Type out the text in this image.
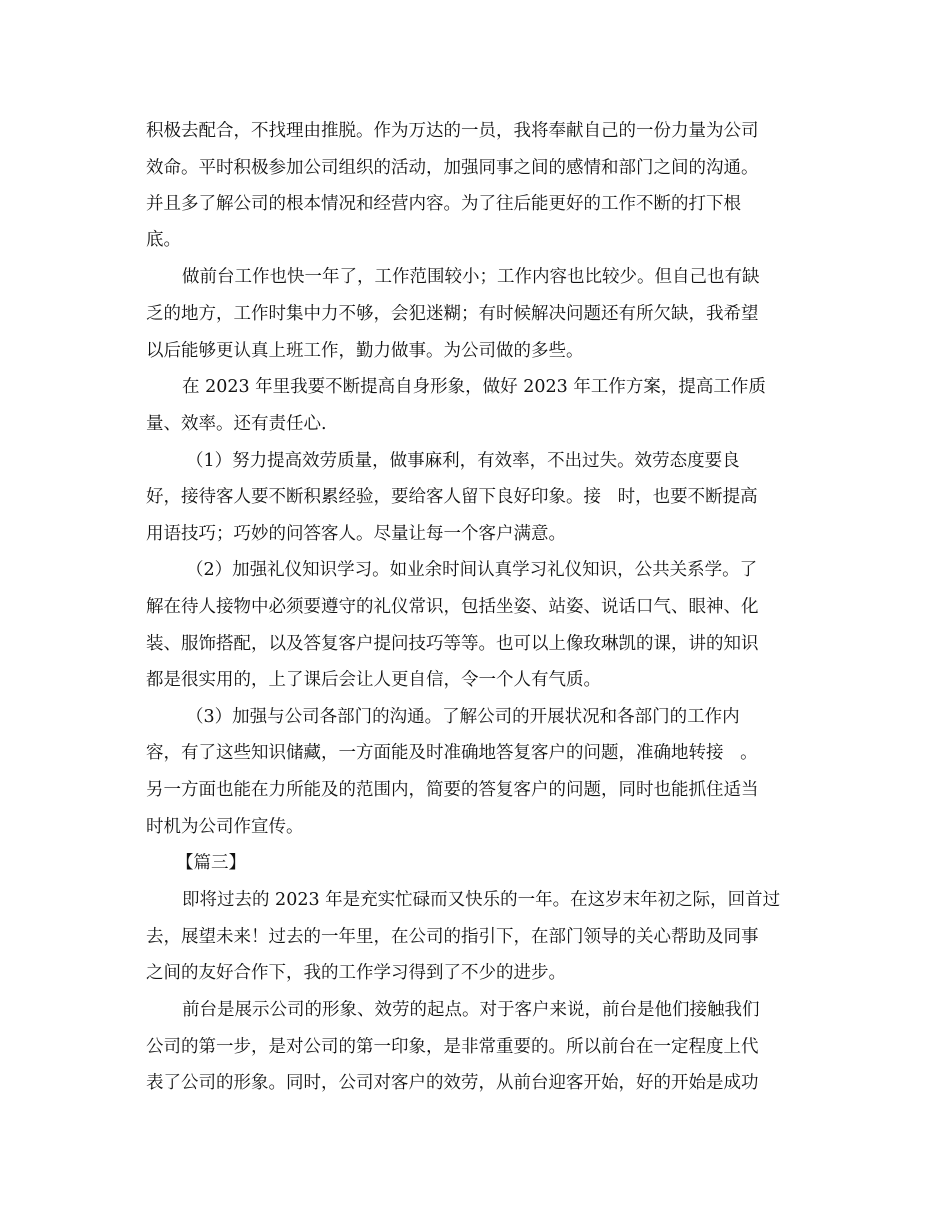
积极去配合，不找理由推脱。作为万达的一员，我将奉献自己的一份力量为公司

效命。平时积极参加公司组织的活动，加强同事之间的感情和部门之间的沟通。

并且多了解公司的根本情况和经营内容。为了往后能更好的工作不断的打下根

底。

做前台工作也快一年了，工作范围较小；工作内容也比较少。但自己也有缺

乏的地方，工作时集中力不够，会犯迷糊；有时候解决问题还有所欠缺，我希望

以后能够更认真上班工作，勤力做事。为公司做的多些。

在 2023 年里我要不断提高自身形象，做好 2023 年工作方案，提高工作质

量、效率。还有责任心.

（1）努力提高效劳质量，做事麻利，有效率，不出过失。效劳态度要良

好，接待客人要不断积累经验，要给客人留下良好印象。接   时，也要不断提高

用语技巧；巧妙的问答客人。尽量让每一个客户满意。

（2）加强礼仪知识学习。如业余时间认真学习礼仪知识，公共关系学。了

解在待人接物中必须要遵守的礼仪常识，包括坐姿、站姿、说话口气、眼神、化

装、服饰搭配，以及答复客户提问技巧等等。也可以上像玫琳凯的课，讲的知识

都是很实用的，上了课后会让人更自信，令一个人有气质。

（3）加强与公司各部门的沟通。了解公司的开展状况和各部门的工作内

容，有了这些知识储藏，一方面能及时准确地答复客户的问题，准确地转接   。

另一方面也能在力所能及的范围内，简要的答复客户的问题，同时也能抓住适当

时机为公司作宣传。

【篇三】

即将过去的 2023 年是充实忙碌而又快乐的一年。在这岁末年初之际，回首过

去，展望未来！过去的一年里，在公司的指引下，在部门领导的关心帮助及同事

之间的友好合作下，我的工作学习得到了不少的进步。

前台是展示公司的形象、效劳的起点。对于客户来说，前台是他们接触我们

公司的第一步，是对公司的第一印象，是非常重要的。所以前台在一定程度上代

表了公司的形象。同时，公司对客户的效劳，从前台迎客开始，好的开始是成功
